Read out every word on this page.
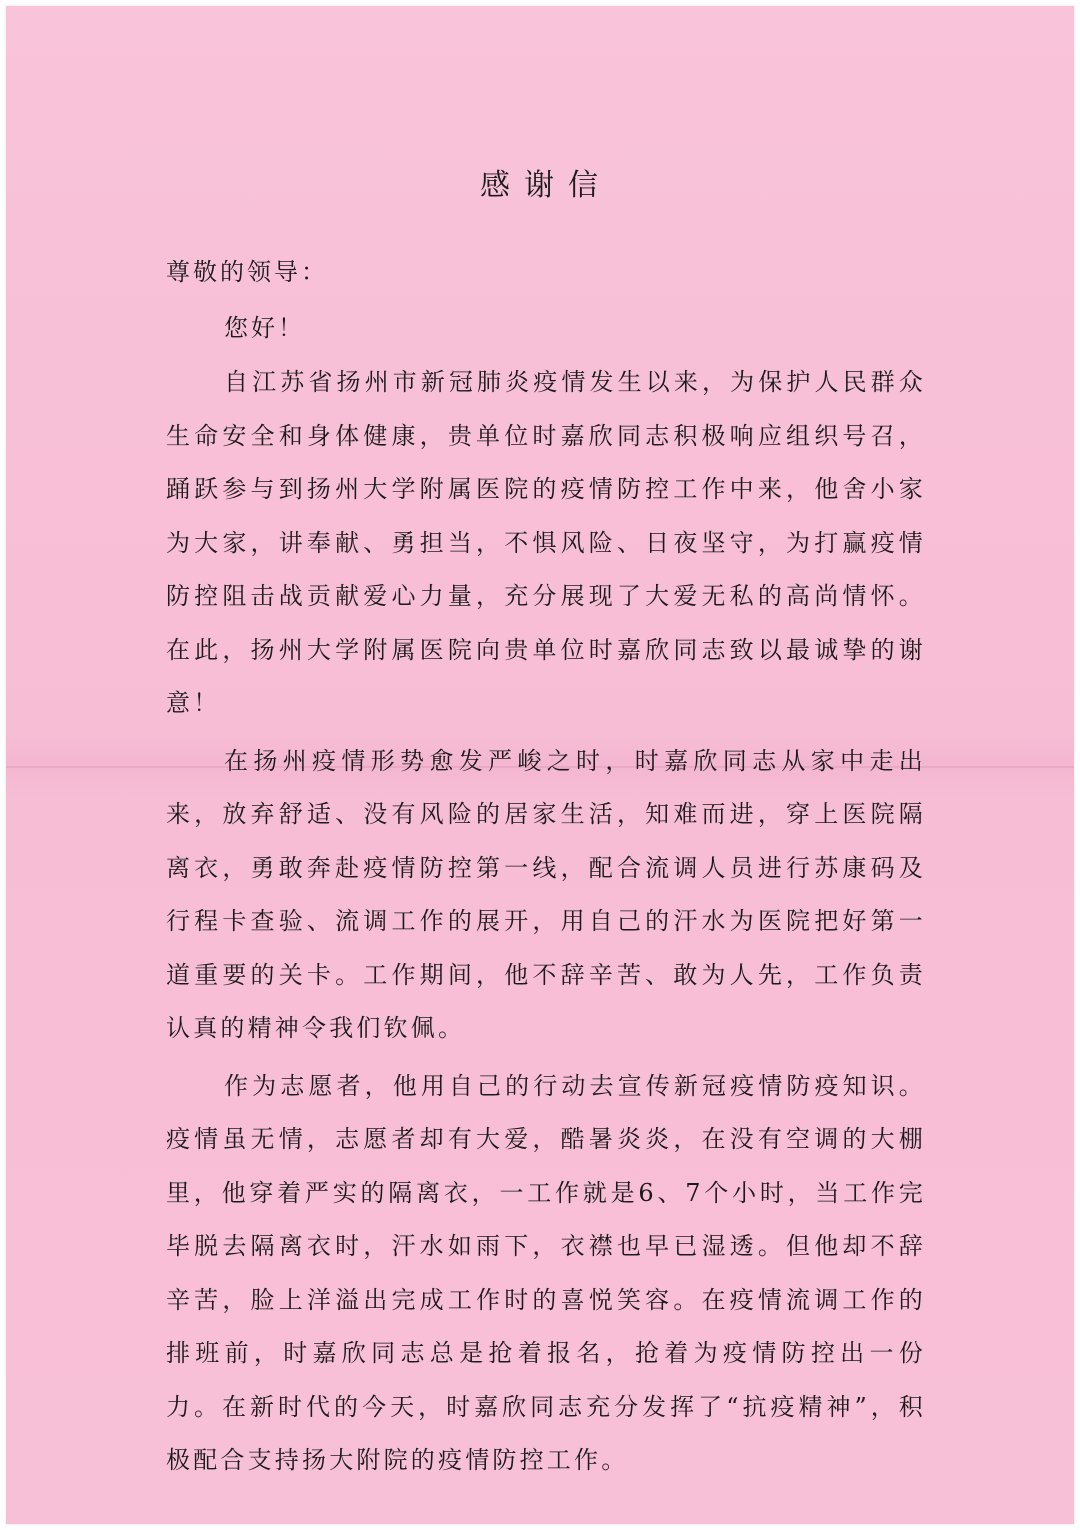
感谢信

尊敬的领导：

您好！

自江苏省扬州市新冠肺炎疫情发生以来，为保护人民群众生命安全和身体健康，贵单位时嘉欣同志积极响应组织号召，踊跃参与到扬州大学附属医院的疫情防控工作中来，他舍小家为大家，讲奉献、勇担当，不惧风险、日夜坚守，为打赢疫情防控阻击战贡献爱心力量，充分展现了大爱无私的高尚情怀。在此，扬州大学附属医院向贵单位时嘉欣同志致以最诚挚的谢意！

在扬州疫情形势愈发严峻之时，时嘉欣同志从家中走出来，放弃舒适、没有风险的居家生活，知难而进，穿上医院隔离衣，勇敢奔赴疫情防控第一线，配合流调人员进行苏康码及行程卡查验、流调工作的展开，用自己的汗水为医院把好第一道重要的关卡。工作期间，他不辞辛苦、敢为人先，工作负责认真的精神令我们钦佩。

作为志愿者，他用自己的行动去宣传新冠疫情防疫知识。疫情虽无情，志愿者却有大爱，酷暑炎炎，在没有空调的大棚里，他穿着严实的隔离衣，一工作就是6、7个小时，当工作完毕脱去隔离衣时，汗水如雨下，衣襟也早已湿透。但他却不辞辛苦，脸上洋溢出完成工作时的喜悦笑容。在疫情流调工作的排班前，时嘉欣同志总是抢着报名，抢着为疫情防控出一份力。在新时代的今天，时嘉欣同志充分发挥了“抗疫精神”，积极配合支持扬大附院的疫情防控工作。
